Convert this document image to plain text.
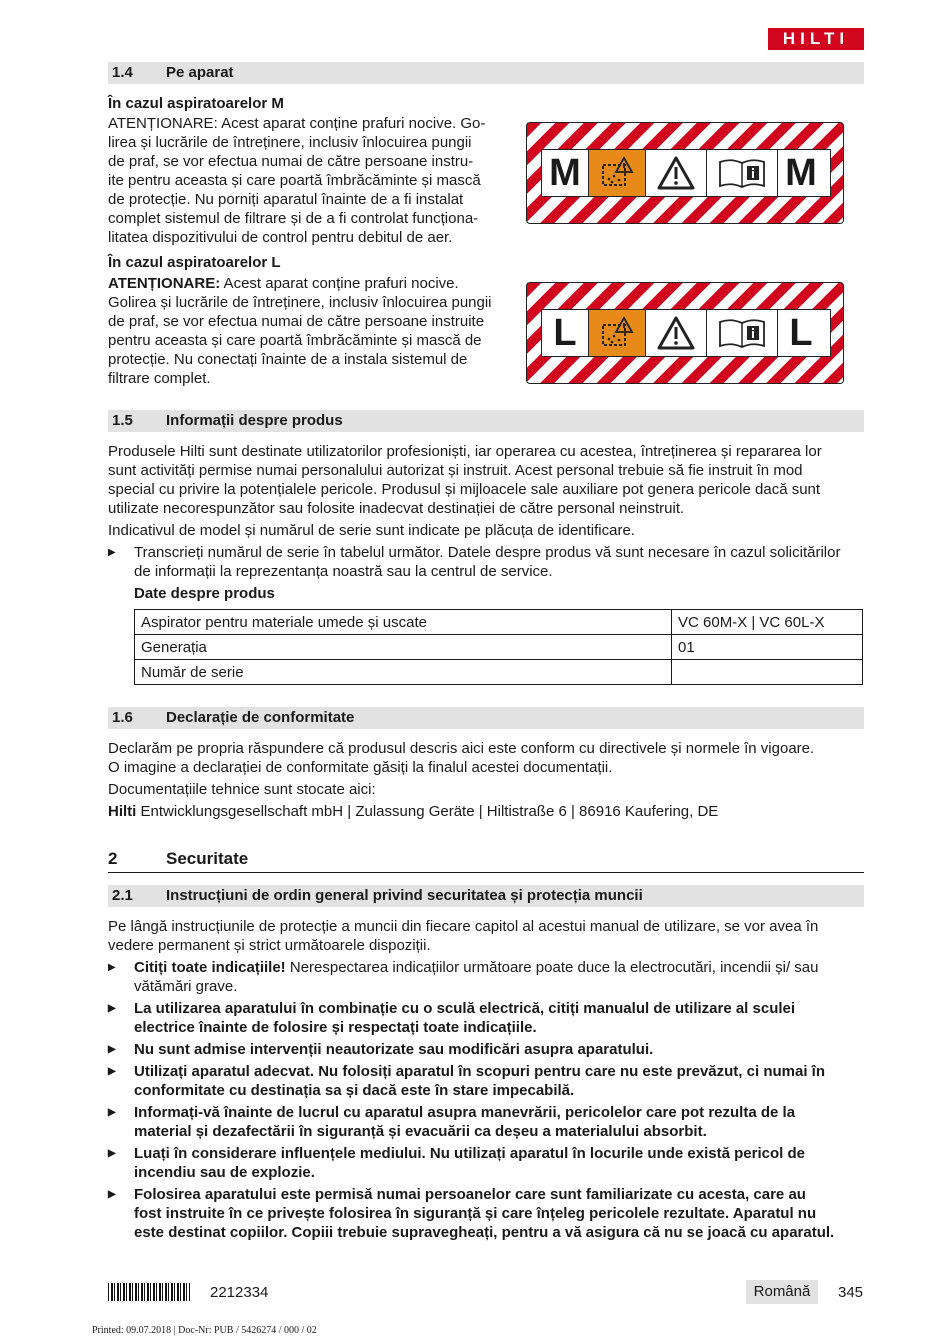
HILTI
1.4 Pe aparat
În cazul aspiratoarelor M
ATENȚIONARE: Acest aparat conține prafuri nocive. Go-
lirea și lucrările de întreținere, inclusiv înlocuirea pungii
de praf, se vor efectua numai de către persoane instru-
ite pentru aceasta și care poartă îmbrăcăminte și mască
de protecție. Nu porniți aparatul înainte de a fi instalat
complet sistemul de filtrare și de a fi controlat funcționa-
litatea dispozitivului de control pentru debitul de aer.
În cazul aspiratoarelor L
ATENȚIONARE: Acest aparat conține prafuri nocive.
Golirea și lucrările de întreținere, inclusiv înlocuirea pungii
de praf, se vor efectua numai de către persoane instruite
pentru aceasta și care poartă îmbrăcăminte și mască de
protecție. Nu conectați înainte de a instala sistemul de
filtrare complet.
M	M
L	L
1.5 Informații despre produs
Produsele Hilti sunt destinate utilizatorilor profesioniști, iar operarea cu acestea, întreținerea și repararea lor
sunt activități permise numai personalului autorizat și instruit. Acest personal trebuie să fie instruit în mod
special cu privire la potențialele pericole. Produsul și mijloacele sale auxiliare pot genera pericole dacă sunt
utilizate necorespunzător sau folosite inadecvat destinației de către personal neinstruit.
Indicativul de model și numărul de serie sunt indicate pe plăcuța de identificare.
▶ Transcrieți numărul de serie în tabelul următor. Datele despre produs vă sunt necesare în cazul solicitărilor
de informații la reprezentanța noastră sau la centrul de service.
Date despre produs
Aspirator pentru materiale umede și uscate	VC 60M-X | VC 60L-X
Generația	01
Număr de serie	
1.6 Declarație de conformitate
Declarăm pe propria răspundere că produsul descris aici este conform cu directivele și normele în vigoare.
O imagine a declarației de conformitate găsiți la finalul acestei documentații.
Documentațiile tehnice sunt stocate aici:
Hilti Entwicklungsgesellschaft mbH | Zulassung Geräte | Hiltistraße 6 | 86916 Kaufering, DE
2	Securitate
2.1 Instrucțiuni de ordin general privind securitatea și protecția muncii
Pe lângă instrucțiunile de protecție a muncii din fiecare capitol al acestui manual de utilizare, se vor avea în
vedere permanent și strict următoarele dispoziții.
▶ Citiți toate indicațiile! Nerespectarea indicațiilor următoare poate duce la electrocutări, incendii și/ sau
vătămări grave.
▶ La utilizarea aparatului în combinație cu o sculă electrică, citiți manualul de utilizare al sculei
electrice înainte de folosire și respectați toate indicațiile.
▶ Nu sunt admise intervenții neautorizate sau modificări asupra aparatului.
▶ Utilizați aparatul adecvat. Nu folosiți aparatul în scopuri pentru care nu este prevăzut, ci numai în
conformitate cu destinația sa și dacă este în stare impecabilă.
▶ Informați-vă înainte de lucrul cu aparatul asupra manevrării, pericolelor care pot rezulta de la
material și dezafectării în siguranță și evacuării ca deșeu a materialului absorbit.
▶ Luați în considerare influențele mediului. Nu utilizați aparatul în locurile unde există pericol de
incendiu sau de explozie.
▶ Folosirea aparatului este permisă numai persoanelor care sunt familiarizate cu acesta, care au
fost instruite în ce privește folosirea în siguranță și care înțeleg pericolele rezultate. Aparatul nu
este destinat copiilor. Copiii trebuie supravegheați, pentru a vă asigura că nu se joacă cu aparatul.
2212334	Română	345
Printed: 09.07.2018 | Doc-Nr: PUB / 5426274 / 000 / 02
